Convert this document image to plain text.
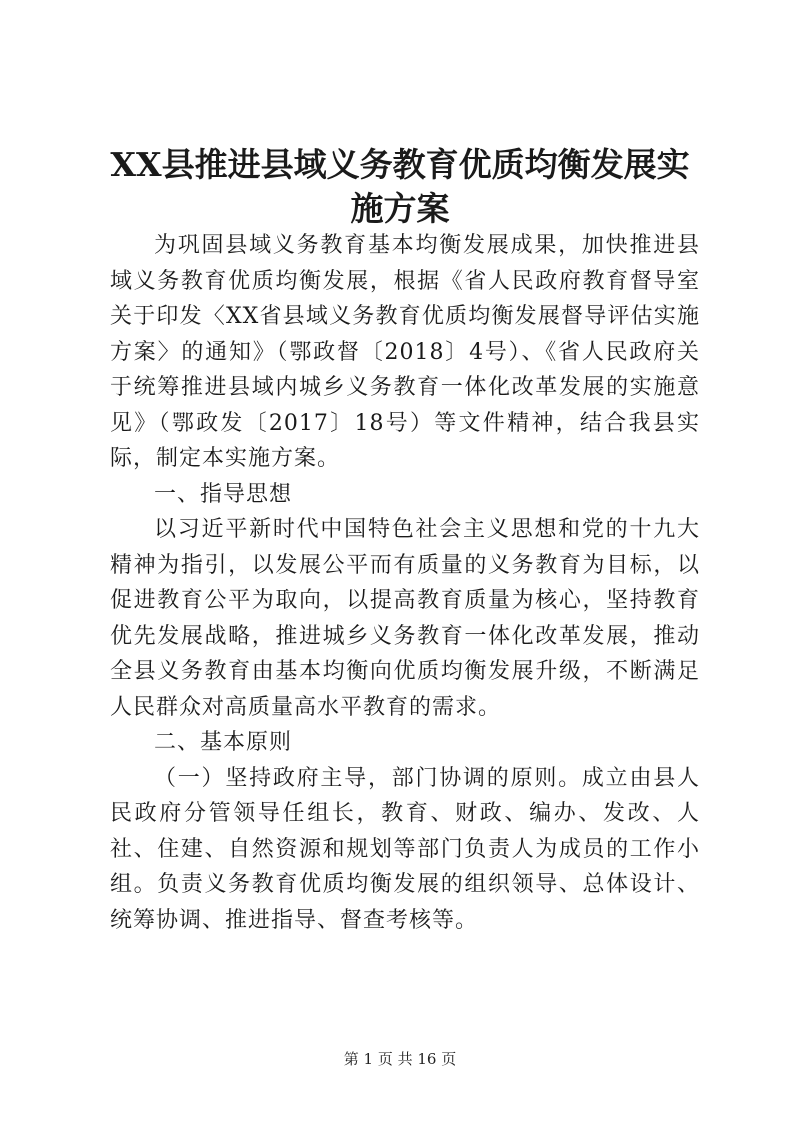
XX县推进县域义务教育优质均衡发展实施方案

为巩固县域义务教育基本均衡发展成果，加快推进县域义务教育优质均衡发展，根据《省人民政府教育督导室关于印发〈XX省县域义务教育优质均衡发展督导评估实施方案〉的通知》（鄂政督〔2018〕4号）、《省人民政府关于统筹推进县域内城乡义务教育一体化改革发展的实施意见》（鄂政发〔2017〕18号）等文件精神，结合我县实际，制定本实施方案。

一、指导思想

以习近平新时代中国特色社会主义思想和党的十九大精神为指引，以发展公平而有质量的义务教育为目标，以促进教育公平为取向，以提高教育质量为核心，坚持教育优先发展战略，推进城乡义务教育一体化改革发展，推动全县义务教育由基本均衡向优质均衡发展升级，不断满足人民群众对高质量高水平教育的需求。

二、基本原则

（一）坚持政府主导，部门协调的原则。成立由县人民政府分管领导任组长，教育、财政、编办、发改、人社、住建、自然资源和规划等部门负责人为成员的工作小组。负责义务教育优质均衡发展的组织领导、总体设计、统筹协调、推进指导、督查考核等。

第 1 页 共 16 页
